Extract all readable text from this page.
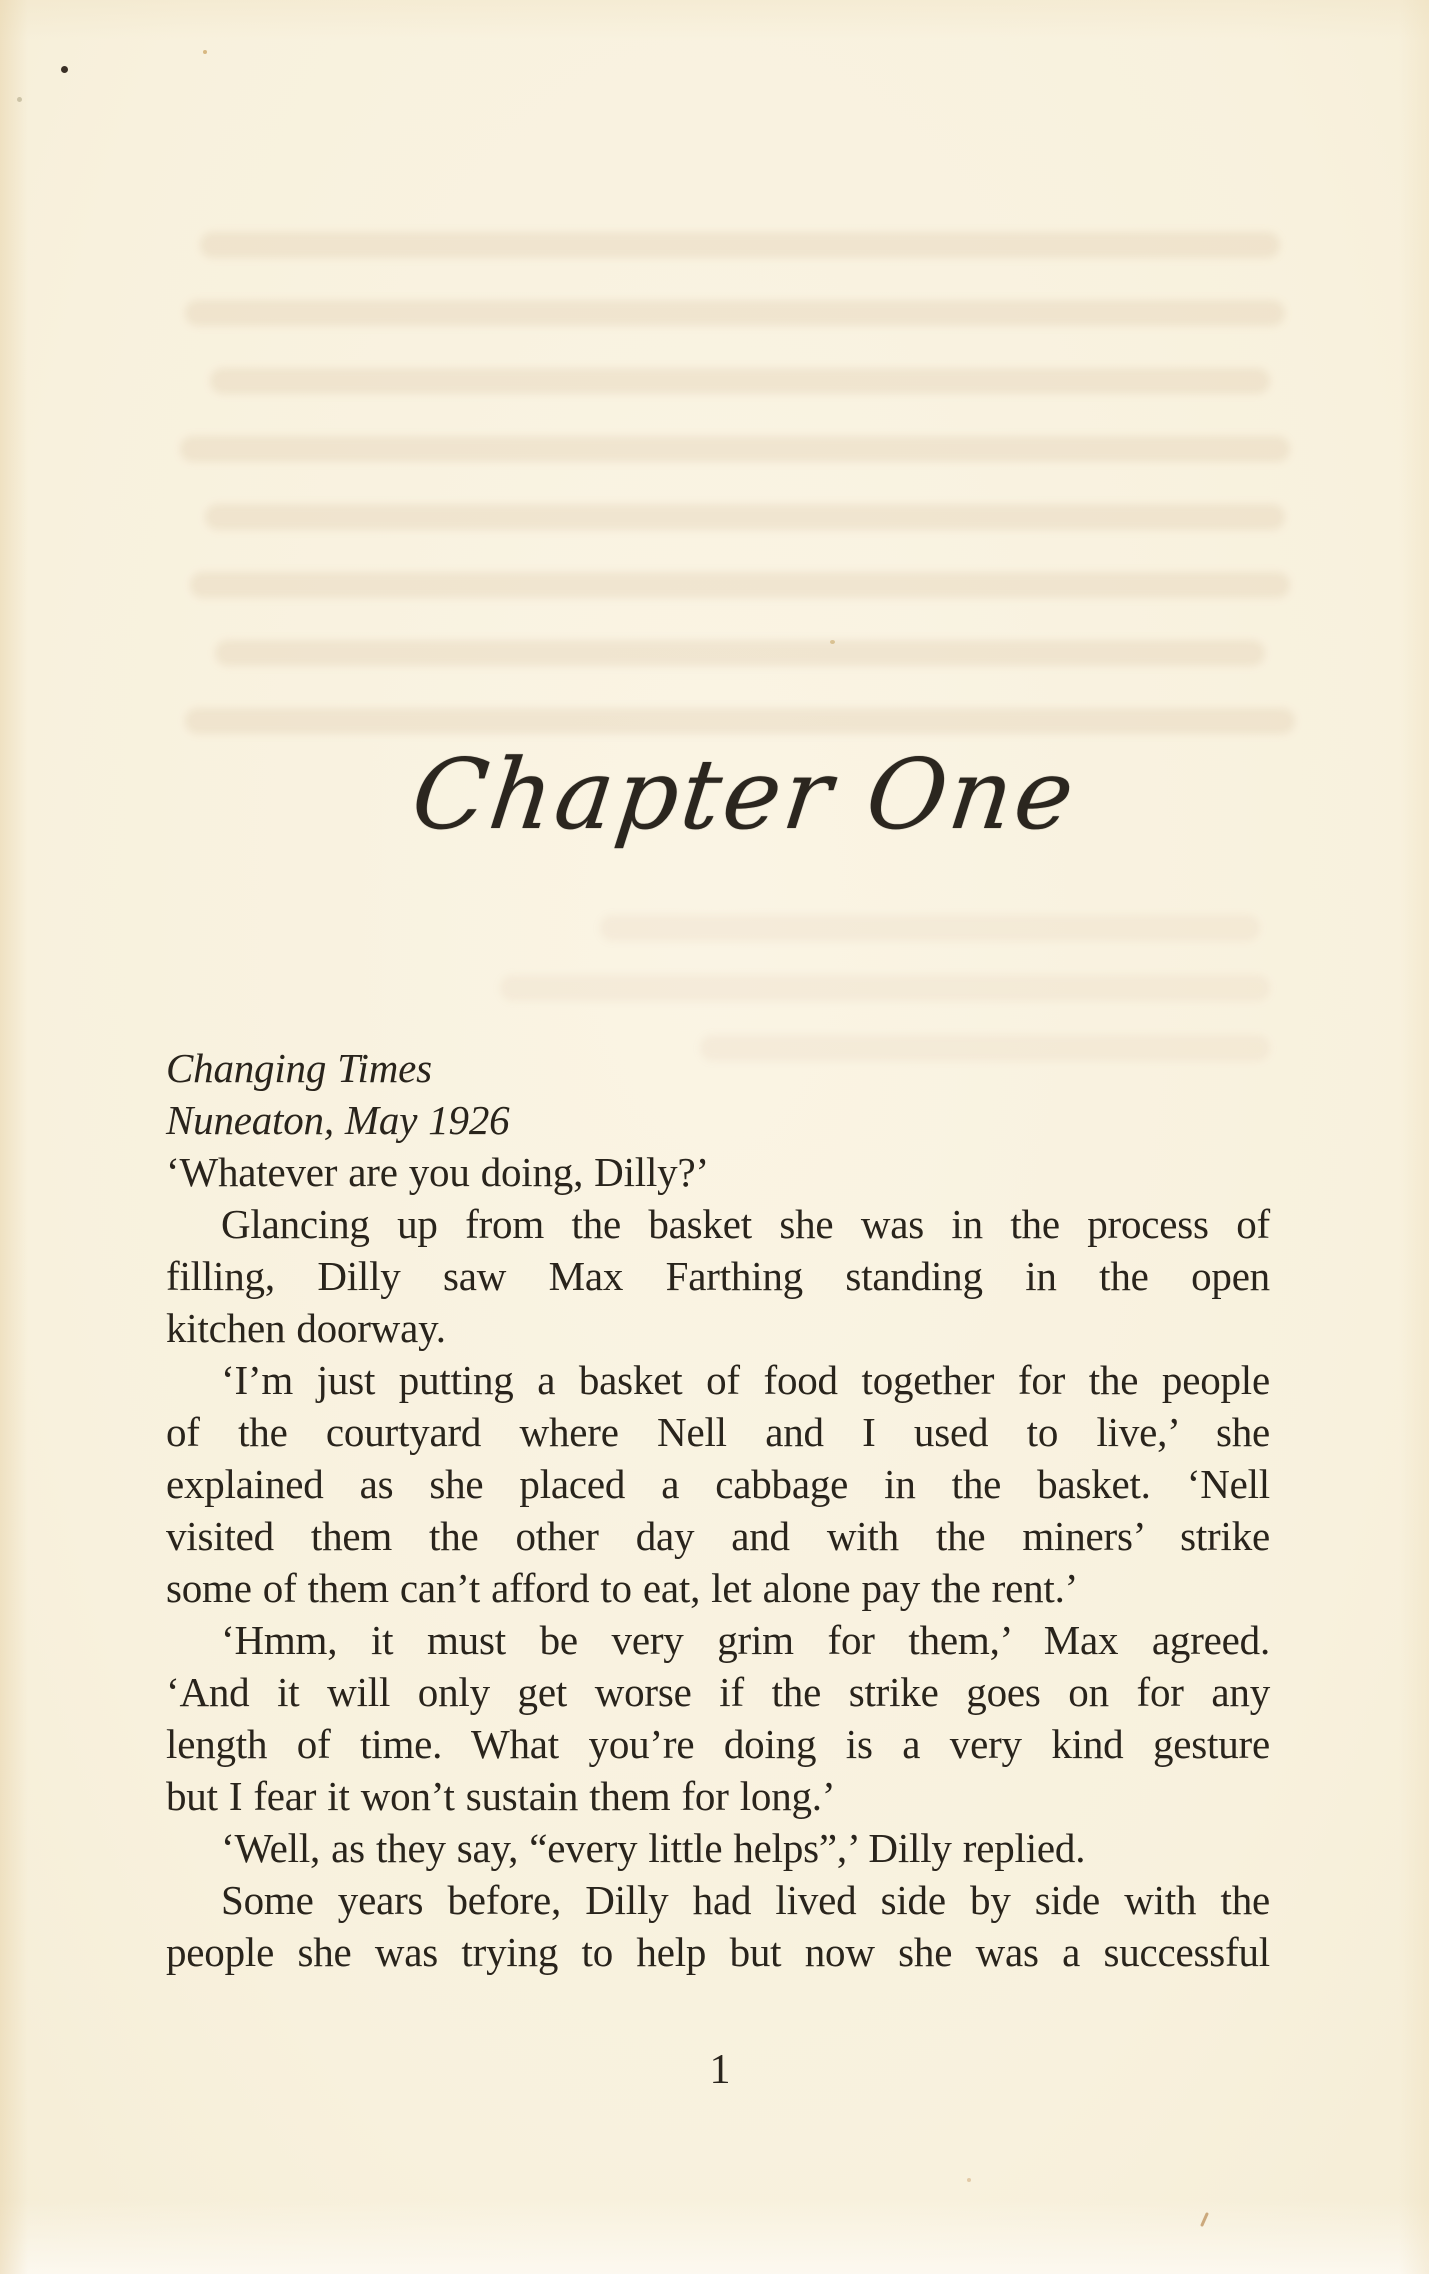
Chapter One
Changing Times
Nuneaton, May 1926
‘Whatever are you doing, Dilly?’
Glancing up from the basket she was in the process of
filling, Dilly saw Max Farthing standing in the open
kitchen doorway.
‘I’m just putting a basket of food together for the people
of the courtyard where Nell and I used to live,’ she
explained as she placed a cabbage in the basket. ‘Nell
visited them the other day and with the miners’ strike
some of them can’t afford to eat, let alone pay the rent.’
‘Hmm, it must be very grim for them,’ Max agreed.
‘And it will only get worse if the strike goes on for any
length of time. What you’re doing is a very kind gesture
but I fear it won’t sustain them for long.’
‘Well, as they say, “every little helps”,’ Dilly replied.
Some years before, Dilly had lived side by side with the
people she was trying to help but now she was a successful
1
